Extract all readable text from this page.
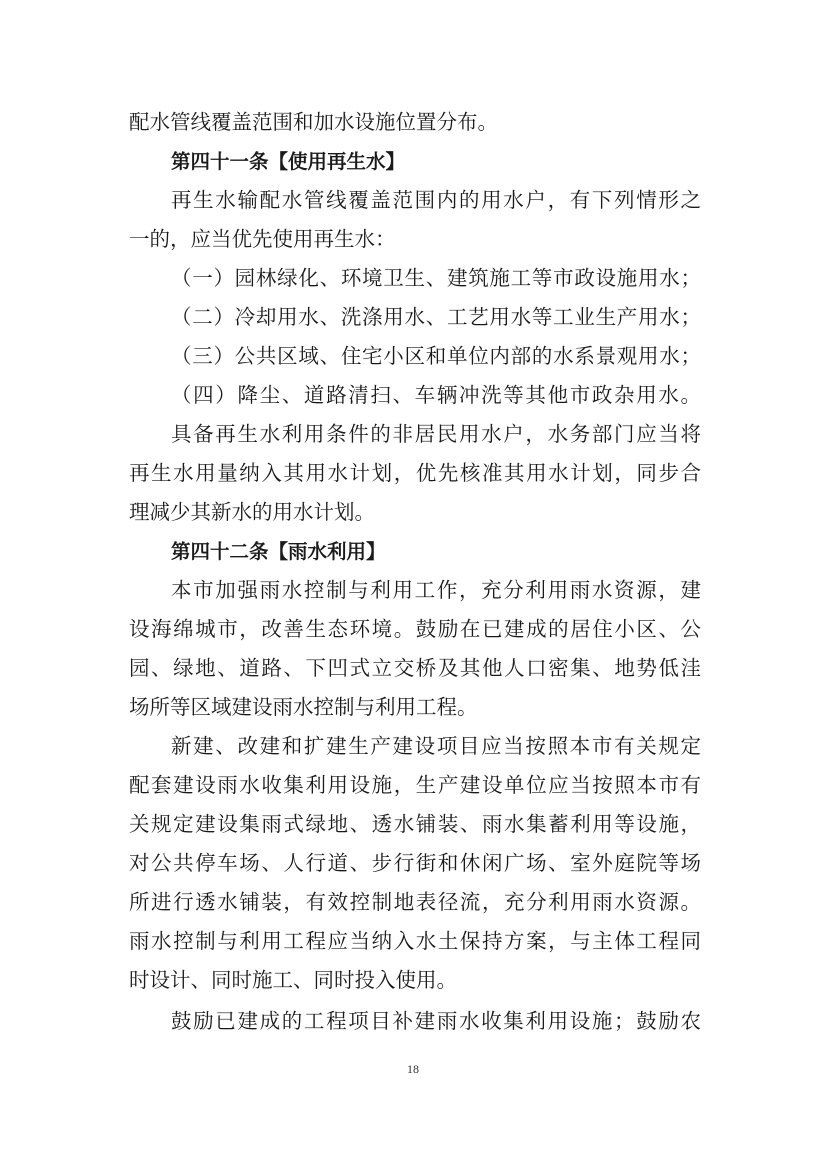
配水管线覆盖范围和加水设施位置分布。
第四十一条【使用再生水】
再生水输配水管线覆盖范围内的用水户，有下列情形之
一的，应当优先使用再生水：
（一）园林绿化、环境卫生、建筑施工等市政设施用水；
（二）冷却用水、洗涤用水、工艺用水等工业生产用水；
（三）公共区域、住宅小区和单位内部的水系景观用水；
（四）降尘、道路清扫、车辆冲洗等其他市政杂用水。
具备再生水利用条件的非居民用水户，水务部门应当将
再生水用量纳入其用水计划，优先核准其用水计划，同步合
理减少其新水的用水计划。
第四十二条【雨水利用】
本市加强雨水控制与利用工作，充分利用雨水资源，建
设海绵城市，改善生态环境。鼓励在已建成的居住小区、公
园、绿地、道路、下凹式立交桥及其他人口密集、地势低洼
场所等区域建设雨水控制与利用工程。
新建、改建和扩建生产建设项目应当按照本市有关规定
配套建设雨水收集利用设施，生产建设单位应当按照本市有
关规定建设集雨式绿地、透水铺装、雨水集蓄利用等设施，
对公共停车场、人行道、步行街和休闲广场、室外庭院等场
所进行透水铺装，有效控制地表径流，充分利用雨水资源。
雨水控制与利用工程应当纳入水土保持方案，与主体工程同
时设计、同时施工、同时投入使用。
鼓励已建成的工程项目补建雨水收集利用设施；鼓励农
18
